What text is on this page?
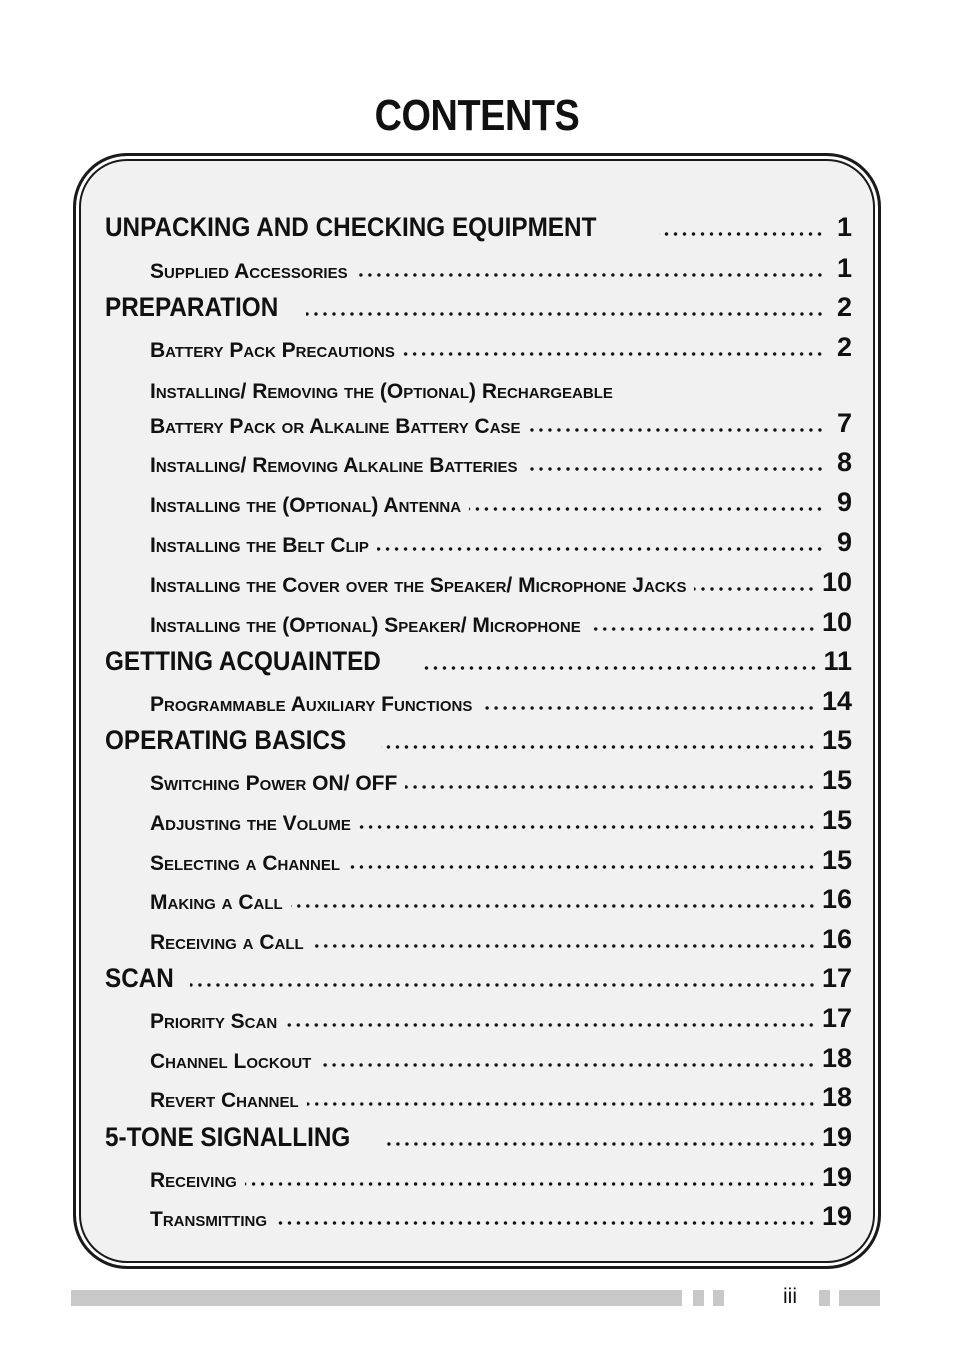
CONTENTS
UNPACKING AND CHECKING EQUIPMENT	1
Supplied Accessories	1
PREPARATION	2
Battery Pack Precautions	2
Installing/ Removing the (Optional) Rechargeable
Battery Pack or Alkaline Battery Case	7
Installing/ Removing Alkaline Batteries	8
Installing the (Optional) Antenna	9
Installing the Belt Clip	9
Installing the Cover over the Speaker/ Microphone Jacks	10
Installing the (Optional) Speaker/ Microphone	10
GETTING ACQUAINTED	11
Programmable Auxiliary Functions	14
OPERATING BASICS	15
Switching Power ON/ OFF	15
Adjusting the Volume	15
Selecting a Channel	15
Making a Call	16
Receiving a Call	16
SCAN	17
Priority Scan	17
Channel Lockout	18
Revert Channel	18
5-TONE SIGNALLING	19
Receiving	19
Transmitting	19
iii
